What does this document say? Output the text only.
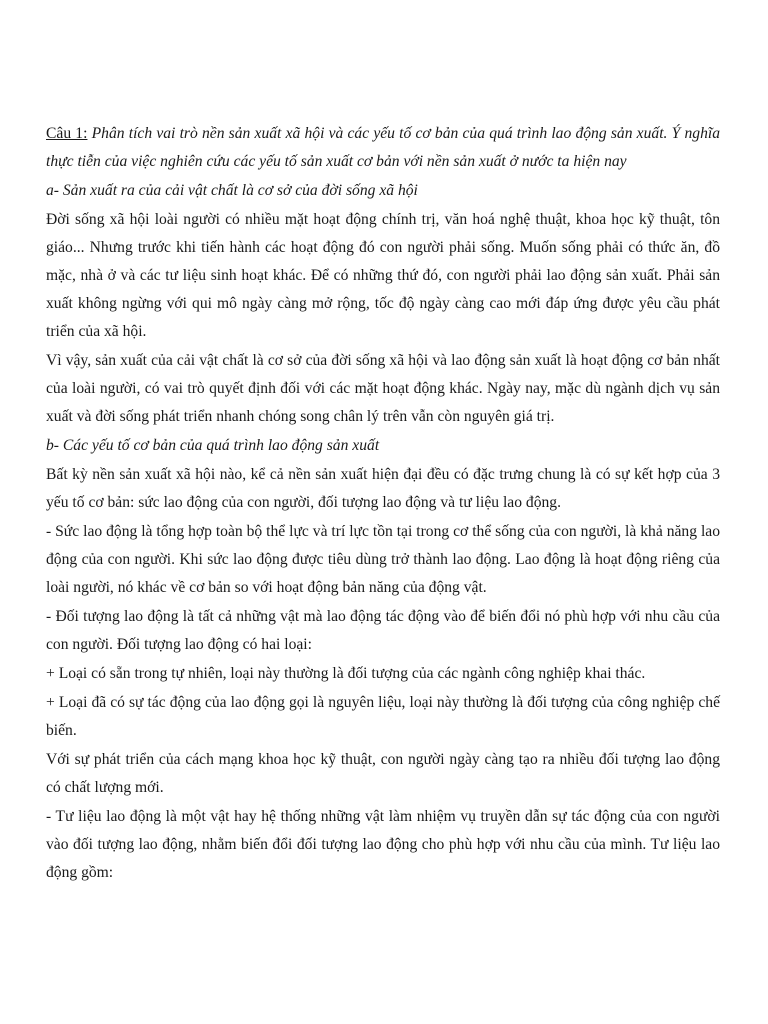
Câu 1: Phân tích vai trò nền sản xuất xã hội và các yếu tố cơ bản của quá trình lao động sản xuất. Ý nghĩa thực tiễn của việc nghiên cứu các yếu tố sản xuất cơ bản với nền sản xuất ở nước ta hiện nay

a- Sản xuất ra của cải vật chất là cơ sở của đời sống xã hội

Đời sống xã hội loài người có nhiều mặt hoạt động chính trị, văn hoá nghệ thuật, khoa học kỹ thuật, tôn giáo... Nhưng trước khi tiến hành các hoạt động đó con người phải sống. Muốn sống phải có thức ăn, đồ mặc, nhà ở và các tư liệu sinh hoạt khác. Để có những thứ đó, con người phải lao động sản xuất. Phải sản xuất không ngừng với qui mô ngày càng mở rộng, tốc độ ngày càng cao mới đáp ứng được yêu cầu phát triển của xã hội.

Vì vậy, sản xuất của cải vật chất là cơ sở của đời sống xã hội và lao động sản xuất là hoạt động cơ bản nhất của loài người, có vai trò quyết định đối với các mặt hoạt động khác. Ngày nay, mặc dù ngành dịch vụ sản xuất và đời sống phát triển nhanh chóng song chân lý trên vẫn còn nguyên giá trị.

b- Các yếu tố cơ bản của quá trình lao động sản xuất

Bất kỳ nền sản xuất xã hội nào, kể cả nền sản xuất hiện đại đều có đặc trưng chung là có sự kết hợp của 3 yếu tố cơ bản: sức lao động của con người, đối tượng lao động và tư liệu lao động.

- Sức lao động là tổng hợp toàn bộ thể lực và trí lực tồn tại trong cơ thể sống của con người, là khả năng lao động của con người. Khi sức lao động được tiêu dùng trở thành lao động. Lao động là hoạt động riêng của loài người, nó khác về cơ bản so với hoạt động bản năng của động vật.

- Đối tượng lao động là tất cả những vật mà lao động tác động vào để biến đổi nó phù hợp với nhu cầu của con người. Đối tượng lao động có hai loại:

+ Loại có sẵn trong tự nhiên, loại này thường là đối tượng của các ngành công nghiệp khai thác.

+ Loại đã có sự tác động của lao động gọi là nguyên liệu, loại này thường là đối tượng của công nghiệp chế biến.

Với sự phát triển của cách mạng khoa học kỹ thuật, con người ngày càng tạo ra nhiều đối tượng lao động có chất lượng mới.

- Tư liệu lao động là một vật hay hệ thống những vật làm nhiệm vụ truyền dẫn sự tác động của con người vào đối tượng lao động, nhằm biến đổi đối tượng lao động cho phù hợp với nhu cầu của mình. Tư liệu lao động gồm:
